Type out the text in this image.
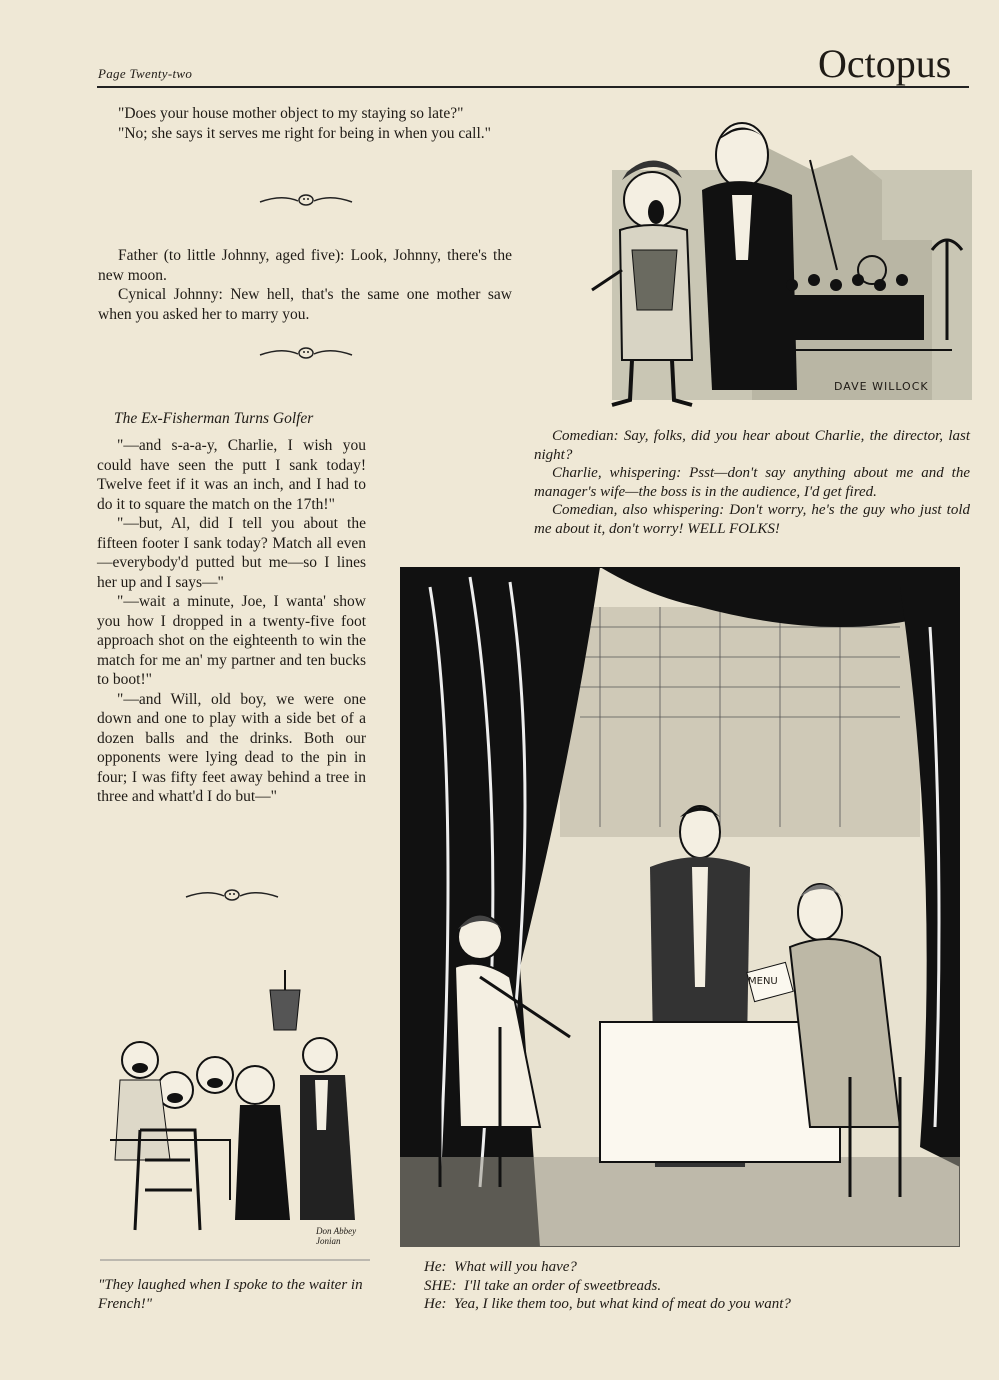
Page Twenty-two	Octopus

"Does your house mother object to my staying so late?"

"No; she says it serves me right for being in when you call."

Father (to little Johnny, aged five): Look, Johnny, there's the new moon.

Cynical Johnny: New hell, that's the same one mother saw when you asked her to marry you.

The Ex-Fisherman Turns Golfer

"—and s-a-a-y, Charlie, I wish you could have seen the putt I sank today! Twelve feet if it was an inch, and I had to do it to square the match on the 17th!"

"—but, Al, did I tell you about the fifteen footer I sank today? Match all even—everybody'd putted but me—so I lines her up and I says—"

"—wait a minute, Joe, I wanta' show you how I dropped in a twenty-five foot approach shot on the eighteenth to win the match for me an' my partner and ten bucks to boot!"

"—and Will, old boy, we were one down and one to play with a side bet of a dozen balls and the drinks. Both our opponents were lying dead to the pin in four; I was fifty feet away behind a tree in three and whatt'd I do but—"

DAVE WILLOCK

Comedian: Say, folks, did you hear about Charlie, the director, last night?

Charlie, whispering: Psst—don't say anything about me and the manager's wife—the boss is in the audience, I'd get fired.

Comedian, also whispering: Don't worry, he's the guy who just told me about it, don't worry! WELL FOLKS!

MENU

He: What will you have?

SHE: I'll take an order of sweetbreads.

He: Yea, I like them too, but what kind of meat do you want?

Don Abbey Jonian
"They laughed when I spoke to the waiter in French!"
